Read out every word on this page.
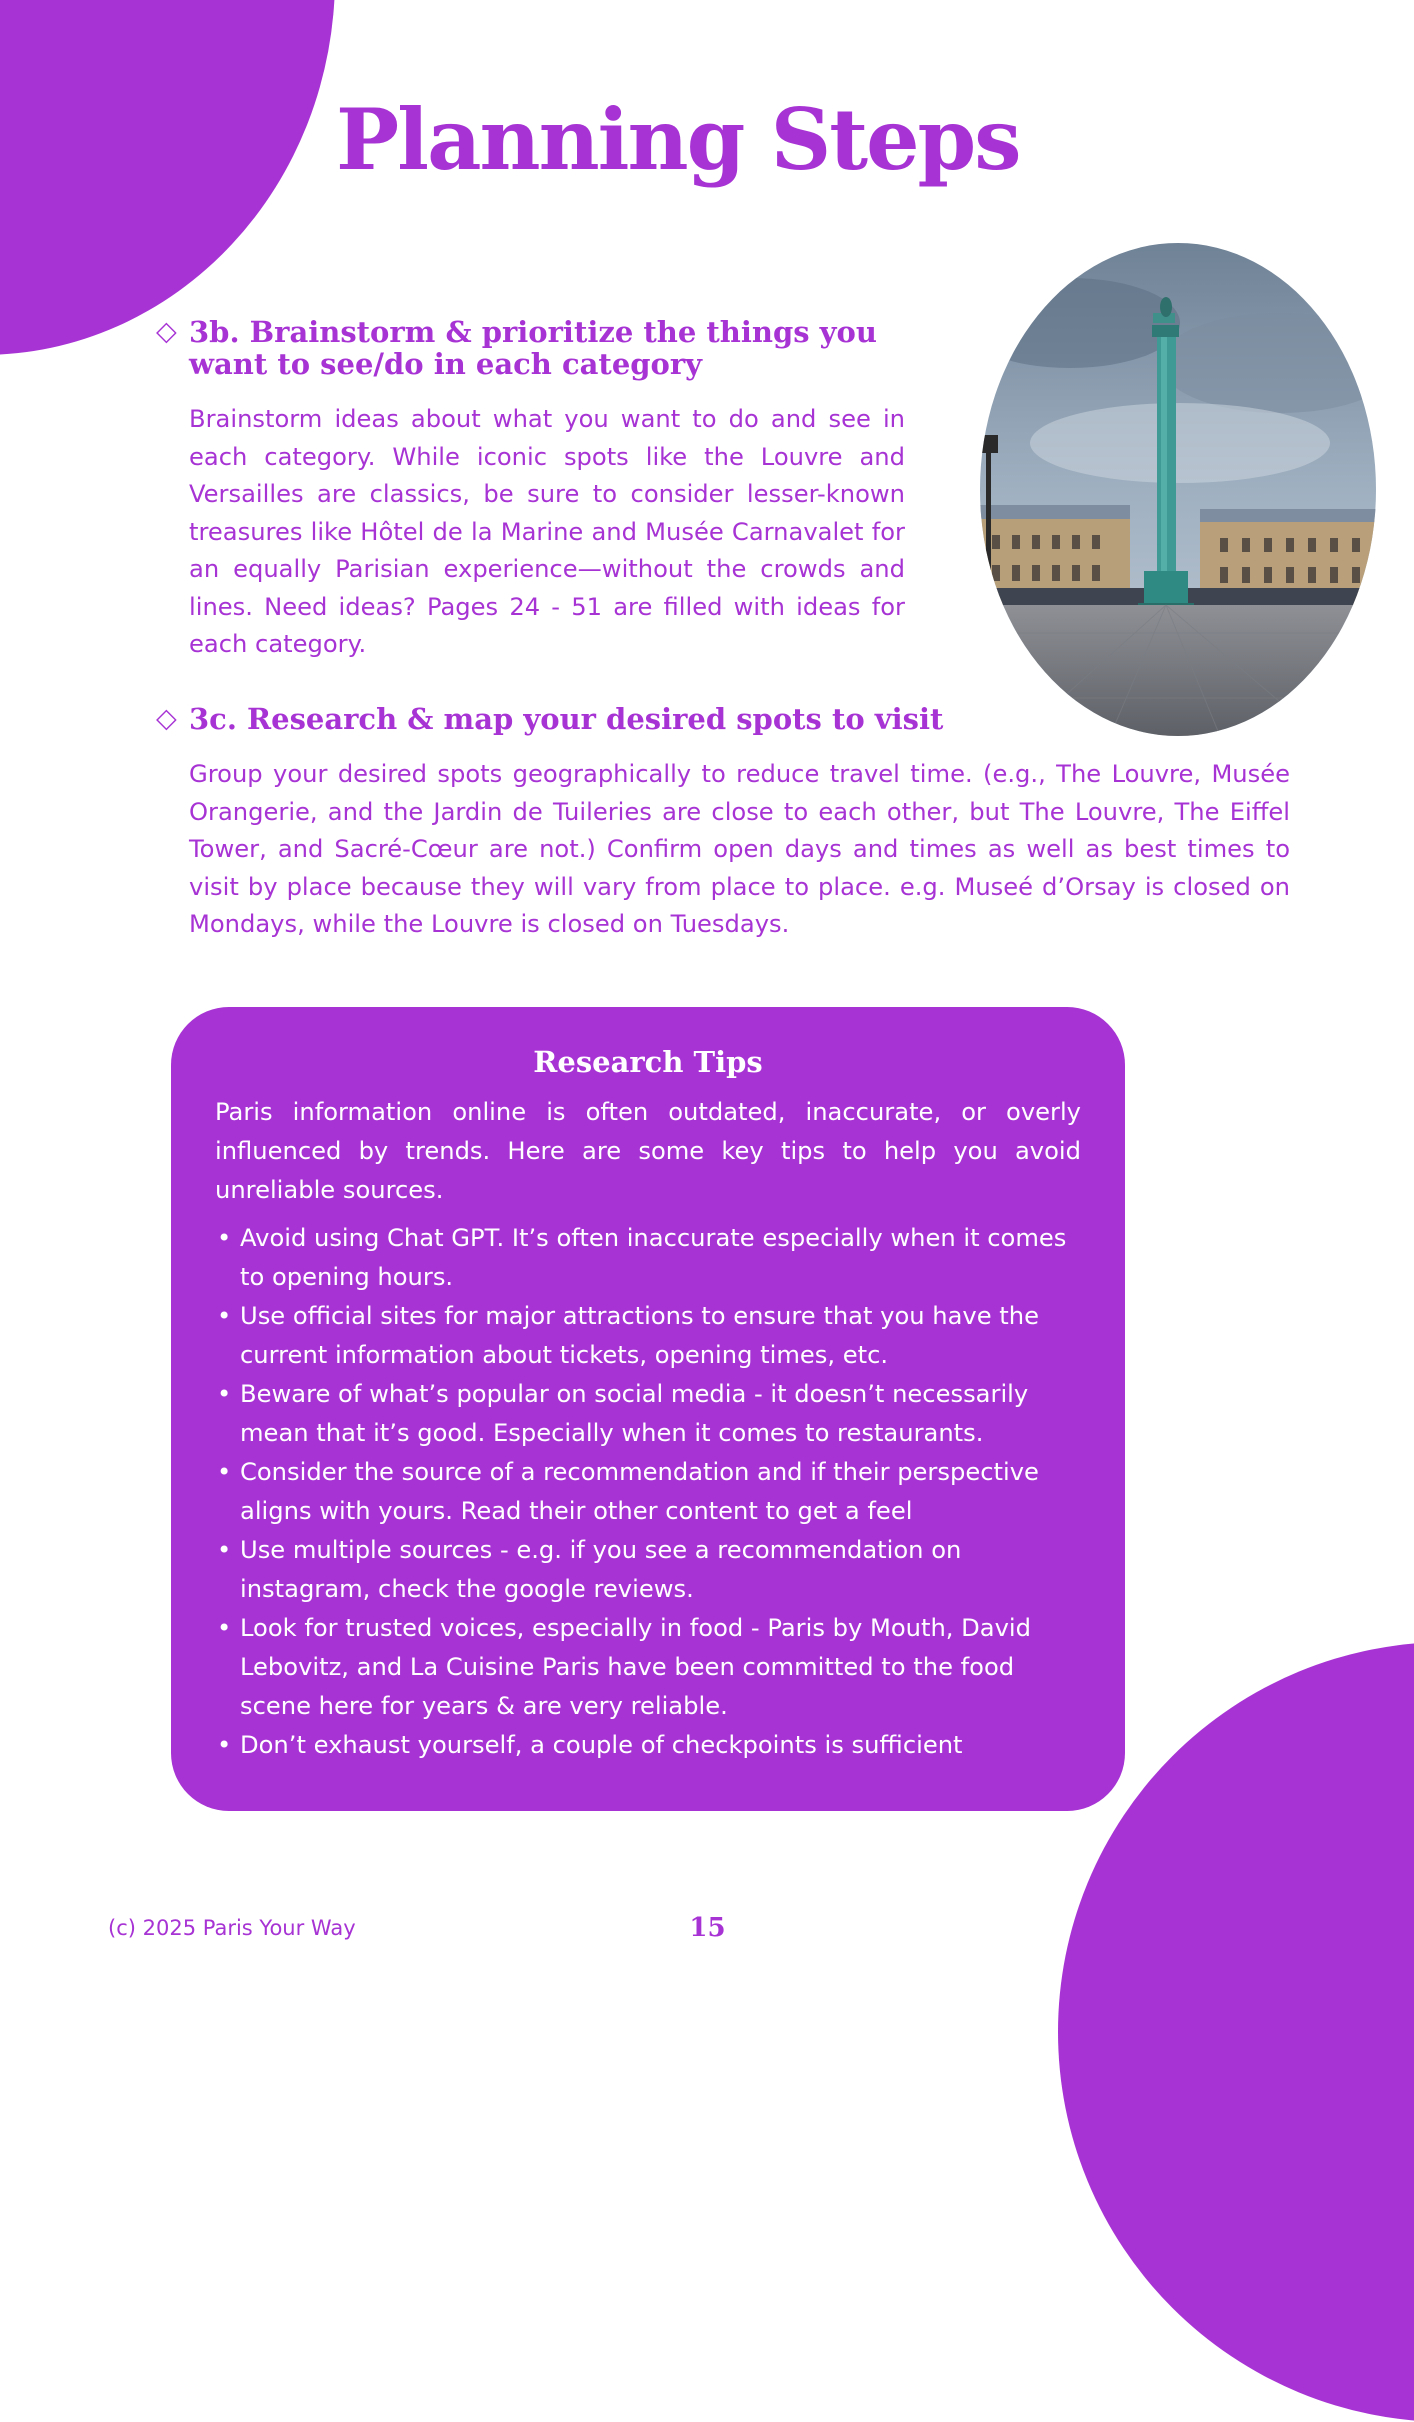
Planning Steps
◇ 3b. Brainstorm & prioritize the things you
want to see/do in each category

Brainstorm ideas about what you want to do and see in each category. While iconic spots like the Louvre and Versailles are classics, be sure to consider lesser-known treasures like Hôtel de la Marine and Musée Carnavalet for an equally Parisian experience—without the crowds and lines. Need ideas? Pages 24 - 51 are filled with ideas for each category.

◇ 3c. Research & map your desired spots to visit

Group your desired spots geographically to reduce travel time. (e.g., The Louvre, Musée Orangerie, and the Jardin de Tuileries are close to each other, but The Louvre, The Eiffel Tower, and Sacré-Cœur are not.) Confirm open days and times as well as best times to visit by place because they will vary from place to place. e.g. Museé d’Orsay is closed on Mondays, while the Louvre is closed on Tuesdays.

Research Tips

Paris information online is often outdated, inaccurate, or overly influenced by trends. Here are some key tips to help you avoid unreliable sources.

• Avoid using Chat GPT. It’s often inaccurate especially when it comes to opening hours.
• Use official sites for major attractions to ensure that you have the current information about tickets, opening times, etc.
• Beware of what’s popular on social media - it doesn’t necessarily mean that it’s good. Especially when it comes to restaurants.
• Consider the source of a recommendation and if their perspective aligns with yours. Read their other content to get a feel
• Use multiple sources - e.g. if you see a recommendation on instagram, check the google reviews.
• Look for trusted voices, especially in food - Paris by Mouth, David Lebovitz, and La Cuisine Paris have been committed to the food scene here for years & are very reliable.
• Don’t exhaust yourself, a couple of checkpoints is sufficient
(c) 2025 Paris Your Way	15
